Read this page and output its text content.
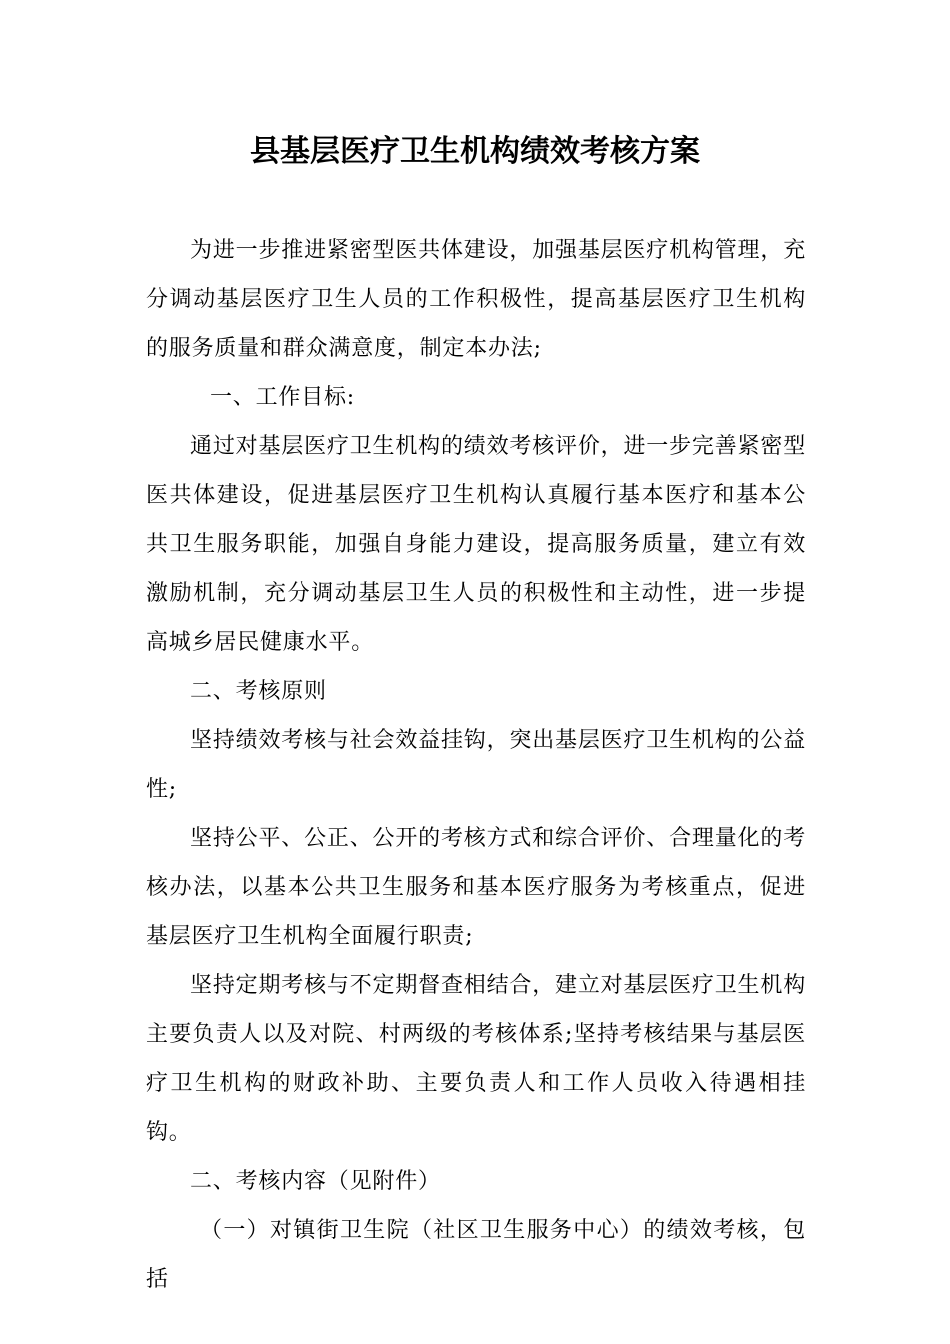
县基层医疗卫生机构绩效考核方案

为进一步推进紧密型医共体建设，加强基层医疗机构管理，充分调动基层医疗卫生人员的工作积极性，提高基层医疗卫生机构的服务质量和群众满意度，制定本办法;

一、工作目标:

通过对基层医疗卫生机构的绩效考核评价，进一步完善紧密型医共体建设，促进基层医疗卫生机构认真履行基本医疗和基本公共卫生服务职能，加强自身能力建设，提高服务质量，建立有效激励机制，充分调动基层卫生人员的积极性和主动性，进一步提高城乡居民健康水平。

二、考核原则

坚持绩效考核与社会效益挂钩，突出基层医疗卫生机构的公益性;

坚持公平、公正、公开的考核方式和综合评价、合理量化的考核办法，以基本公共卫生服务和基本医疗服务为考核重点，促进基层医疗卫生机构全面履行职责;

坚持定期考核与不定期督查相结合，建立对基层医疗卫生机构主要负责人以及对院、村两级的考核体系;坚持考核结果与基层医疗卫生机构的财政补助、主要负责人和工作人员收入待遇相挂钩。

二、考核内容（见附件）

（一）对镇街卫生院（社区卫生服务中心）的绩效考核，包括
